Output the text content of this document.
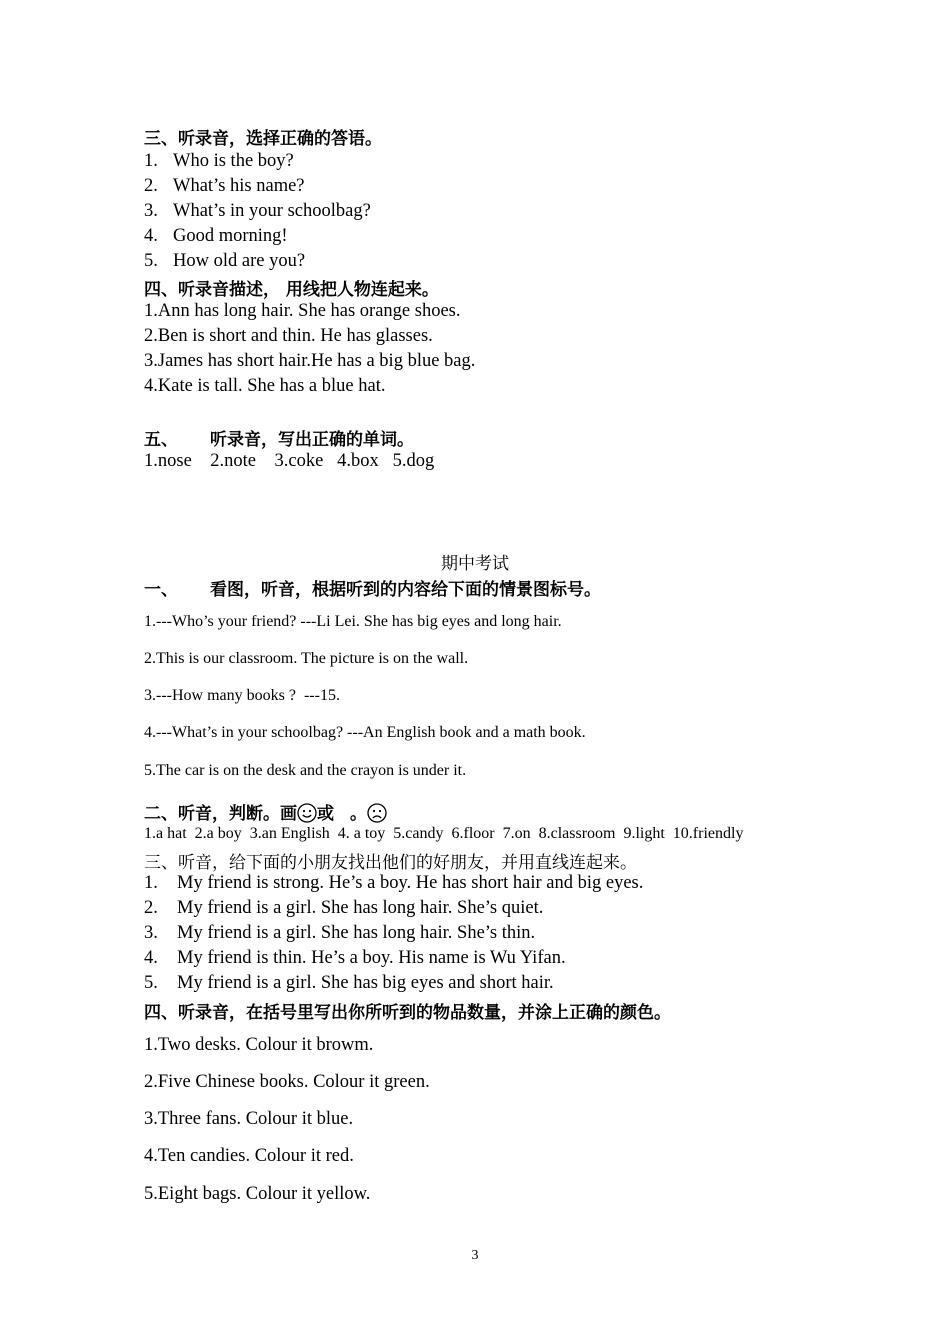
三、听录音，选择正确的答语。
1. Who is the boy?
2. What’s his name?
3. What’s in your schoolbag?
4. Good morning!
5. How old are you?
四、听录音描述， 用线把人物连起来。
1.Ann has long hair. She has orange shoes.
2.Ben is short and thin. He has glasses.
3.James has short hair.He has a big blue bag.
4.Kate is tall. She has a blue hat.
五、 听录音，写出正确的单词。
1.nose    2.note    3.coke   4.box   5.dog
期中考试
一、 看图，听音，根据听到的内容给下面的情景图标号。
1.---Who’s your friend? ---Li Lei. She has big eyes and long hair.
2.This is our classroom. The picture is on the wall.
3.---How many books ?  ---15.
4.---What’s in your schoolbag? ---An English book and a math book.
5.The car is on the desk and the crayon is under it.
二、听音，判断。画 或 。
1.a hat  2.a boy  3.an English  4. a toy  5.candy  6.floor  7.on  8.classroom  9.light  10.friendly
三、听音，给下面的小朋友找出他们的好朋友，并用直线连起来。
1. My friend is strong. He’s a boy. He has short hair and big eyes.
2. My friend is a girl. She has long hair. She’s quiet.
3. My friend is a girl. She has long hair. She’s thin.
4. My friend is thin. He’s a boy. His name is Wu Yifan.
5. My friend is a girl. She has big eyes and short hair.
四、听录音，在括号里写出你所听到的物品数量，并涂上正确的颜色。
1.Two desks. Colour it browm.
2.Five Chinese books. Colour it green.
3.Three fans. Colour it blue.
4.Ten candies. Colour it red.
5.Eight bags. Colour it yellow.
3
